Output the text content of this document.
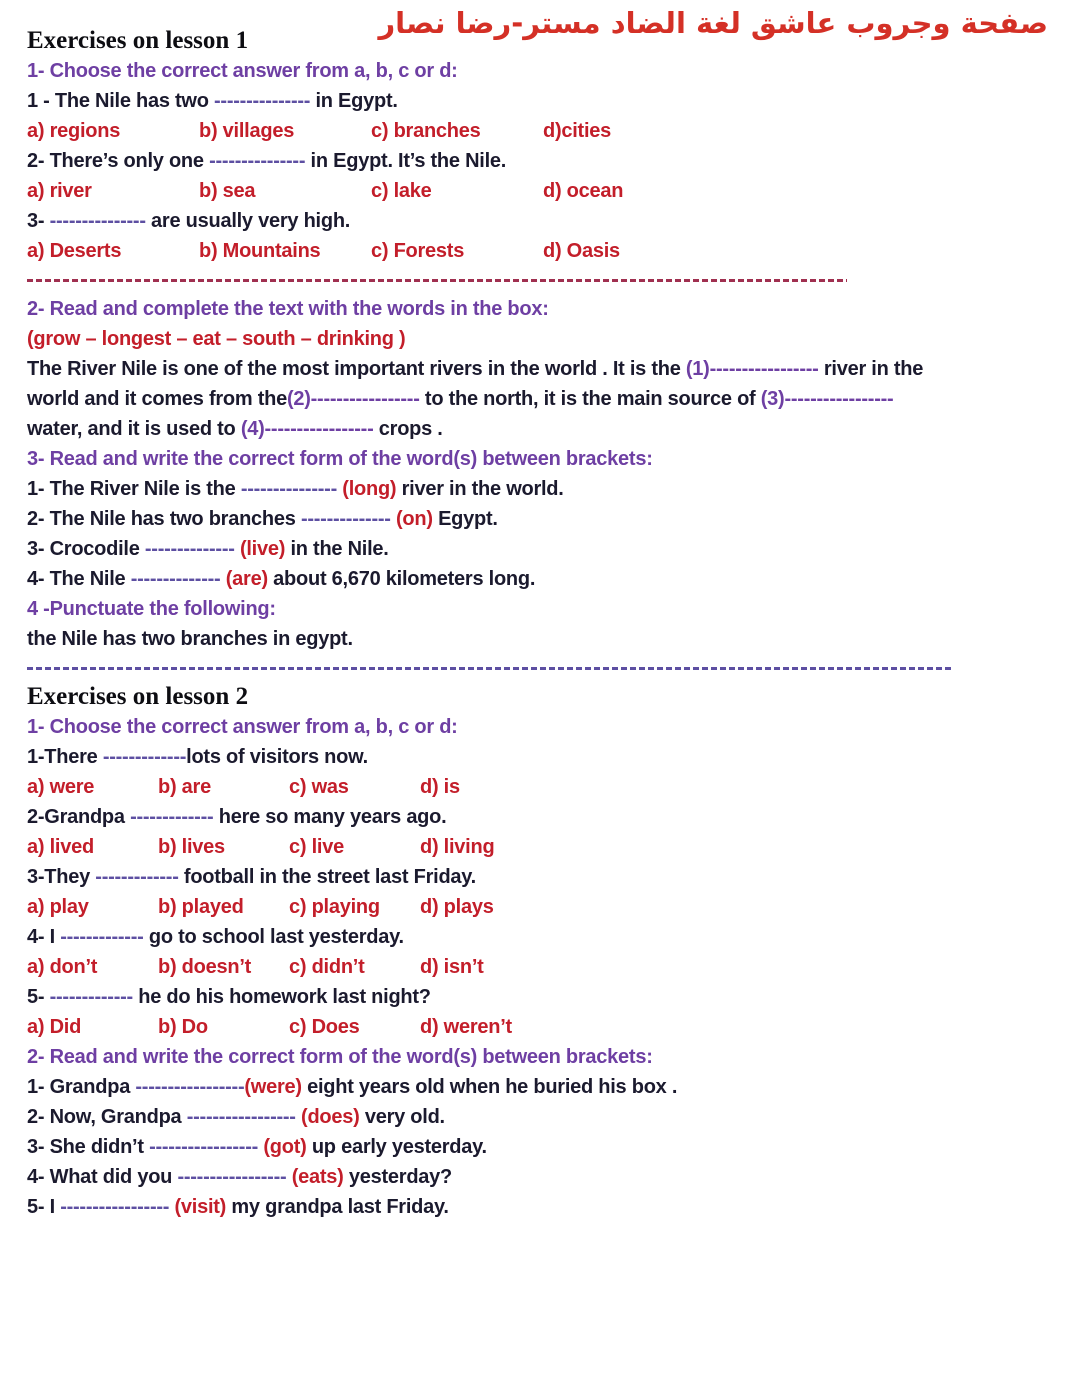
صفحة وجروب عاشق لغة الضاد مستر-رضا نصار
Exercises on lesson 1
1- Choose the correct answer from a, b, c or d:
1 - The Nile has two --------------- in Egypt.
a) regions	b) villages	c) branches	d)cities
2- There’s only one --------------- in Egypt. It’s the Nile.
a) river	b) sea	c) lake	d) ocean
3- --------------- are usually very high.
a) Deserts	b) Mountains	c) Forests	d) Oasis
2- Read and complete the text with the words in the box:
(grow – longest – eat – south – drinking )
The River Nile is one of the most important rivers in the world . It is the (1)----------------- river in the
world and it comes from the(2)----------------- to the north, it is the main source of (3)-----------------
water, and it is used to (4)----------------- crops .
3- Read and write the correct form of the word(s) between brackets:
1- The River Nile is the --------------- (long) river in the world.
2- The Nile has two branches -------------- (on) Egypt.
3- Crocodile -------------- (live) in the Nile.
4- The Nile -------------- (are) about 6,670 kilometers long.
4 -Punctuate the following:
the Nile has two branches in egypt.
Exercises on lesson 2
1- Choose the correct answer from a, b, c or d:
1-There -------------lots of visitors now.
a) were	b) are	c) was	d) is
2-Grandpa ------------- here so many years ago.
a) lived	b) lives	c) live	d) living
3-They ------------- football in the street last Friday.
a) play	b) played c) playing d) plays
4- I ------------- go to school last yesterday.
a) don’t	b) doesn’t c) didn’t	d) isn’t
5- ------------- he do his homework last night?
a) Did	b) Do	c) Does	d) weren’t
2- Read and write the correct form of the word(s) between brackets:
1- Grandpa -----------------(were) eight years old when he buried his box .
2- Now, Grandpa ----------------- (does) very old.
3- She didn’t ----------------- (got) up early yesterday.
4- What did you ----------------- (eats) yesterday?
5- I ----------------- (visit) my grandpa last Friday.
